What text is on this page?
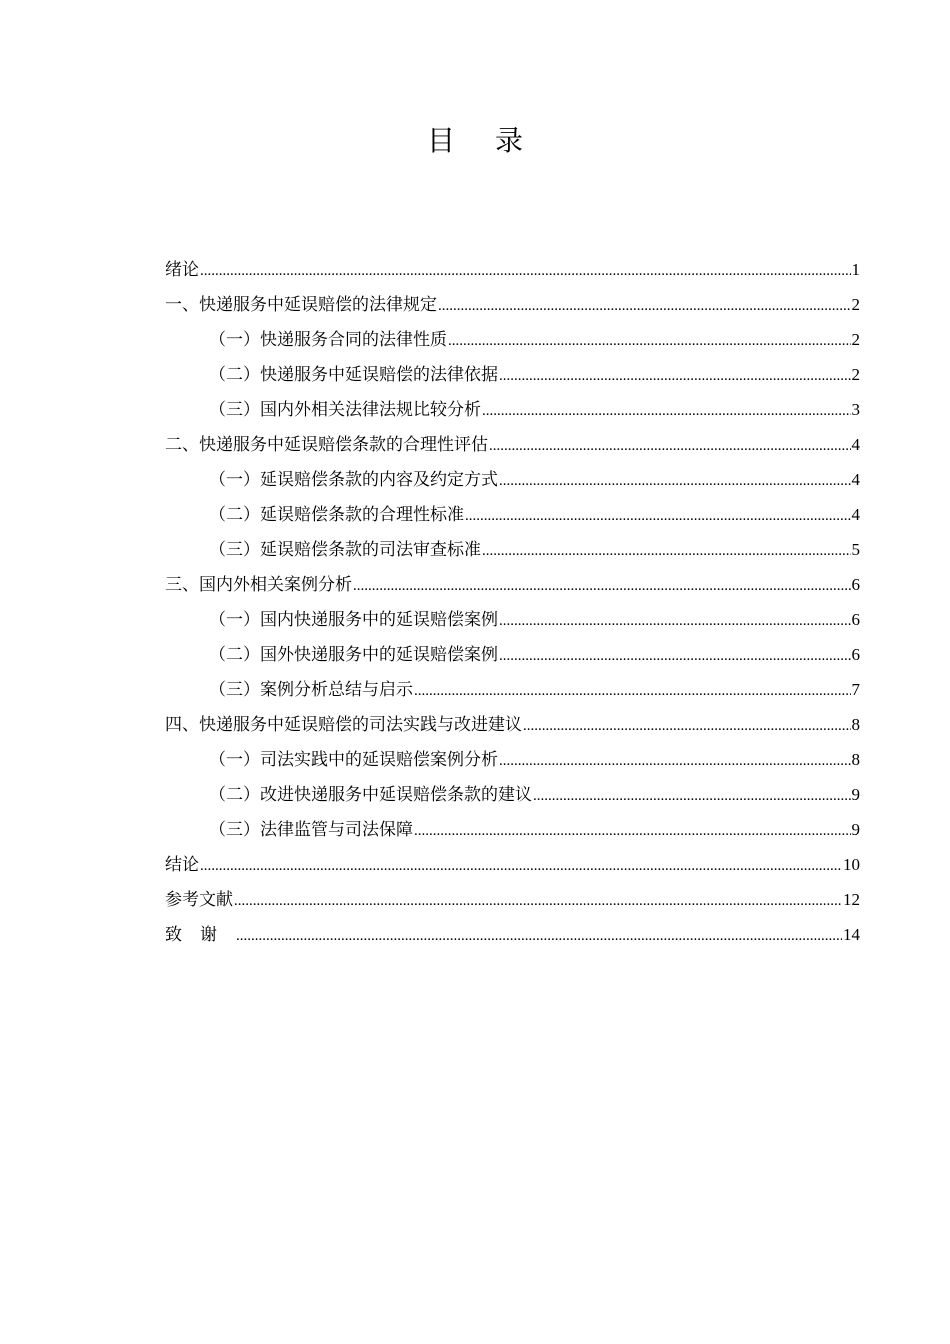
目录
绪论 .....	1
一、快递服务中延误赔偿的法律规定 .....	2
（一）快递服务合同的法律性质 .....	2
（二）快递服务中延误赔偿的法律依据 .....	2
（三）国内外相关法律法规比较分析 .....	3
二、快递服务中延误赔偿条款的合理性评估 .....	4
（一）延误赔偿条款的内容及约定方式 .....	4
（二）延误赔偿条款的合理性标准 .....	4
（三）延误赔偿条款的司法审查标准 .....	5
三、国内外相关案例分析 .....	6
（一）国内快递服务中的延误赔偿案例 .....	6
（二）国外快递服务中的延误赔偿案例 .....	6
（三）案例分析总结与启示 .....	7
四、快递服务中延误赔偿的司法实践与改进建议 .....	8
（一）司法实践中的延误赔偿案例分析 .....	8
（二）改进快递服务中延误赔偿条款的建议 .....	9
（三）法律监管与司法保障 .....	9
结论 .....	10
参考文献 .....	12
致谢 .....	14
